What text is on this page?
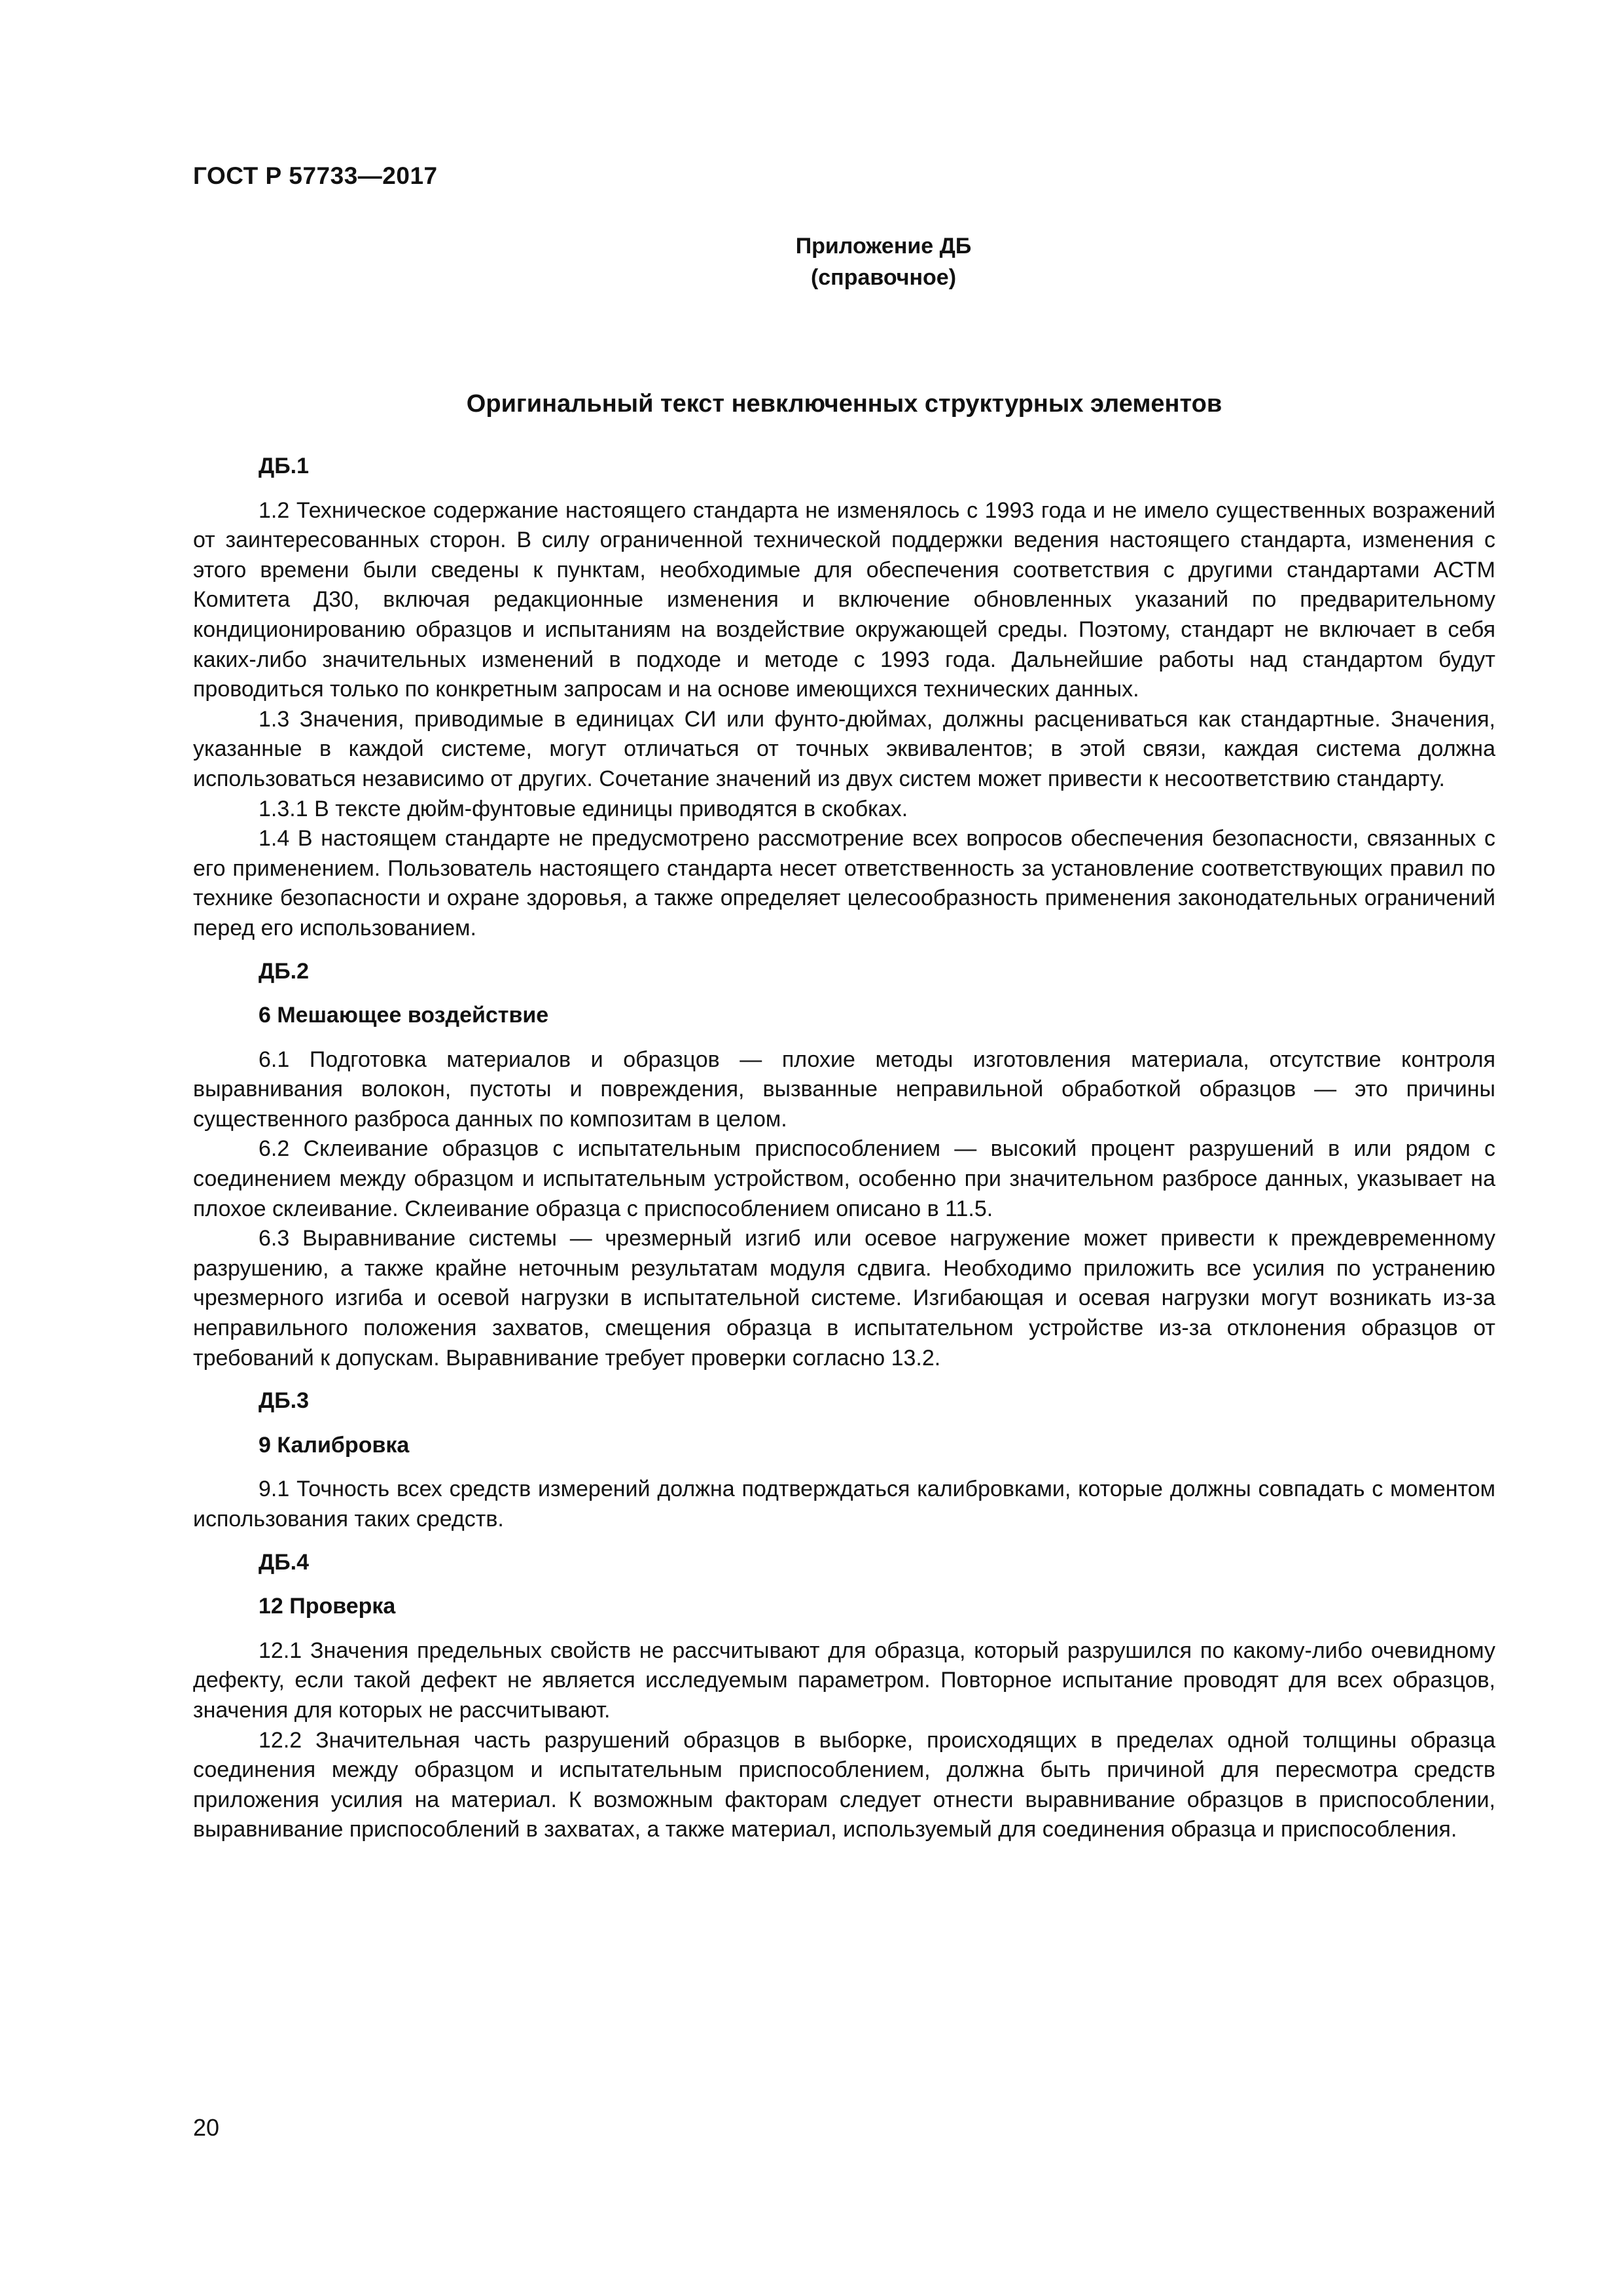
ГОСТ Р 57733—2017
Приложение ДБ
(справочное)
Оригинальный текст невключенных структурных элементов
ДБ.1

1.2 Техническое содержание настоящего стандарта не изменялось с 1993 года и не имело существенных возражений от заинтересованных сторон. В силу ограниченной технической поддержки ведения настоящего стандарта, изменения с этого времени были сведены к пунктам, необходимые для обеспечения соответствия с другими стандартами АСТМ Комитета Д30, включая редакционные изменения и включение обновленных указаний по предварительному кондиционированию образцов и испытаниям на воздействие окружающей среды. Поэтому, стандарт не включает в себя каких-либо значительных изменений в подходе и методе с 1993 года. Дальнейшие работы над стандартом будут проводиться только по конкретным запросам и на основе имеющихся технических данных.

1.3 Значения, приводимые в единицах СИ или фунто-дюймах, должны расцениваться как стандартные. Значения, указанные в каждой системе, могут отличаться от точных эквивалентов; в этой связи, каждая система должна использоваться независимо от других. Сочетание значений из двух систем может привести к несоответствию стандарту.

1.3.1 В тексте дюйм-фунтовые единицы приводятся в скобках.

1.4 В настоящем стандарте не предусмотрено рассмотрение всех вопросов обеспечения безопасности, связанных с его применением. Пользователь настоящего стандарта несет ответственность за установление соответствующих правил по технике безопасности и охране здоровья, а также определяет целесообразность применения законодательных ограничений перед его использованием.

ДБ.2
6 Мешающее воздействие

6.1 Подготовка материалов и образцов — плохие методы изготовления материала, отсутствие контроля выравнивания волокон, пустоты и повреждения, вызванные неправильной обработкой образцов — это причины существенного разброса данных по композитам в целом.

6.2 Склеивание образцов с испытательным приспособлением — высокий процент разрушений в или рядом с соединением между образцом и испытательным устройством, особенно при значительном разбросе данных, указывает на плохое склеивание. Склеивание образца с приспособлением описано в 11.5.

6.3 Выравнивание системы — чрезмерный изгиб или осевое нагружение может привести к преждевременному разрушению, а также крайне неточным результатам модуля сдвига. Необходимо приложить все усилия по устранению чрезмерного изгиба и осевой нагрузки в испытательной системе. Изгибающая и осевая нагрузки могут возникать из-за неправильного положения захватов, смещения образца в испытательном устройстве из-за отклонения образцов от требований к допускам. Выравнивание требует проверки согласно 13.2.

ДБ.3
9 Калибровка

9.1 Точность всех средств измерений должна подтверждаться калибровками, которые должны совпадать с моментом использования таких средств.

ДБ.4
12 Проверка

12.1 Значения предельных свойств не рассчитывают для образца, который разрушился по какому-либо очевидному дефекту, если такой дефект не является исследуемым параметром. Повторное испытание проводят для всех образцов, значения для которых не рассчитывают.

12.2 Значительная часть разрушений образцов в выборке, происходящих в пределах одной толщины образца соединения между образцом и испытательным приспособлением, должна быть причиной для пересмотра средств приложения усилия на материал. К возможным факторам следует отнести выравнивание образцов в приспособлении, выравнивание приспособлений в захватах, а также материал, используемый для соединения образца и приспособления.

20
